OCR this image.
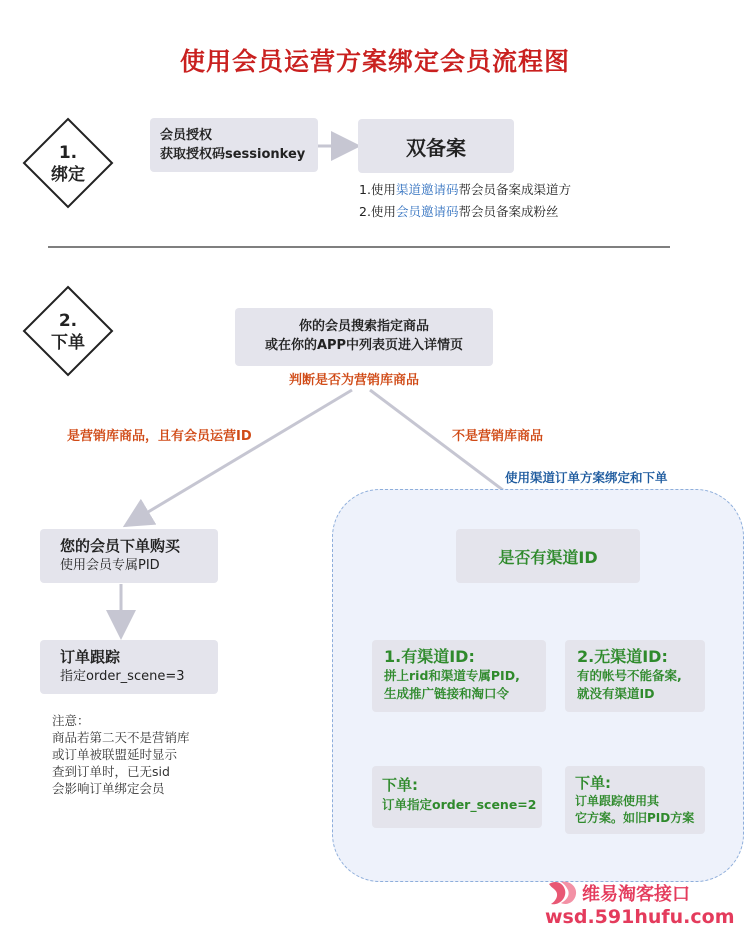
使用会员运营方案绑定会员流程图
1.
绑定
2.
下单
会员授权
获取授权码sessionkey	双备案
1.使用渠道邀请码帮会员备案成渠道方
2.使用会员邀请码帮会员备案成粉丝
你的会员搜索指定商品
或在你的APP中列表页进入详情页
判断是否为营销库商品
是营销库商品，且有会员运营ID	不是营销库商品
您的会员下单购买
使用会员专属PID
订单跟踪
指定order_scene=3
注意：
商品若第二天不是营销库
或订单被联盟延时显示
查到订单时，已无sid
会影响订单绑定会员
使用渠道订单方案绑定和下单
是否有渠道ID
1.有渠道ID:
拼上rid和渠道专属PID,
生成推广链接和淘口令
2.无渠道ID:
有的帐号不能备案,
就没有渠道ID
下单:
订单指定order_scene=2
下单:
订单跟踪使用其
它方案。如旧PID方案
维易淘客接口
wsd.591hufu.com
